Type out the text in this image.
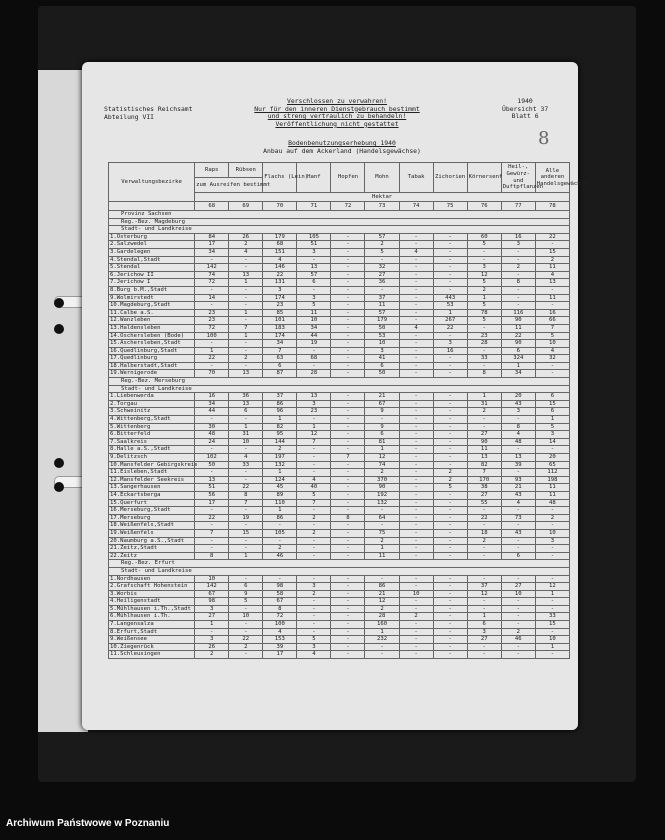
Statistisches Reichsamt
Abteilung VII
Verschlossen zu verwahren!
Nur für den inneren Dienstgebrauch bestimmt
und streng vertraulich zu behandeln!
Veröffentlichung nicht gestattet
1940
Übersicht 37
Blatt 6
8
Bodenbenutzungserhebung 1940
Anbau auf dem Ackerland (Handelsgewächse)
Verwaltungsbezirke	Raps	Rübsen	Flachs (Lein)	Hanf	Hopfen	Mohn	Tabak	Zichorien	Körnersenf	Heil-, Gewürz- und Duftpflanzen	Alle anderen Handelsgewächse
	zum Ausreifen bestimmt										
	Hektar										
	68	69	70	71	72	73	74	75	76	77	78
Provinz Sachsen											
Reg.-Bez. Magdeburg											
Stadt- und Landkreise											
1.Osterburg	84	26	179	105	-	57	-	-	60	16	22
2.Salzwedel	17	2	68	51	-	2	-	-	5	3	-
3.Gardelegen	34	4	151	3	-	5	4	-	-	-	15
4.Stendal,Stadt	-	-	4	-	-	-	-	-	-	-	2
5.Stendal	142	-	146	13	-	32	-	-	3	2	11
6.Jerichow II	74	13	22	57	-	27	-	-	12	-	4
7.Jerichow I	72	1	131	6	-	36	-	-	5	8	13
8.Burg b.M.,Stadt	-	-	3	-	-	-	-	-	2	-	-
9.Wolmirstedt	14	-	174	3	-	37	-	443	1	-	11
10.Magdeburg,Stadt	-	-	23	5	-	11	-	53	5	-	-
11.Calbe a.S.	23	1	85	11	-	57	-	1	78	116	16
12.Wanzleben	23	-	101	10	-	179	-	267	5	90	66
13.Haldensleben	72	7	183	34	-	50	4	22	-	11	7
14.Oschersleben (Bode)	100	1	174	44	-	53	-	-	23	22	5
15.Aschersleben,Stadt	-	-	34	19	-	10	-	3	28	90	10
16.Quedlinburg,Stadt	1	-	7	-	-	3	-	16	-	6	4
17.Quedlinburg	22	2	63	68	-	41	-	-	33	324	32
18.Halberstadt,Stadt	-	-	6	-	-	6	-	-	-	1	-
19.Wernigerode	70	13	87	28	-	50	-	-	8	34	-
Reg.-Bez. Merseburg											
Stadt- und Landkreise											
1.Liebenwerda	16	36	37	13	-	21	-	-	1	20	6
2.Torgau	34	13	86	3	-	67	-	-	31	43	15
3.Schweinitz	44	6	96	23	-	9	-	-	2	3	6
4.Wittenberg,Stadt	-	-	1	-	-	-	-	-	-	-	1
5.Wittenberg	30	1	82	1	-	9	-	-	-	8	5
6.Bitterfeld	48	31	95	12	-	6	-	-	27	4	3
7.Saalkreis	24	10	144	7	-	81	-	-	90	48	14
8.Halle a.S.,Stadt	-	-	2	-	-	1	-	-	11	-	-
9.Delitzsch	102	4	197	-	7	12	-	-	13	13	20
10.Mansfelder Gebirgskreis	50	33	132	-	-	74	-	-	82	39	65
11.Eisleben,Stadt	-	-	1	-	-	2	-	2	7	-	112
12.Mansfelder Seekreis	13	-	124	4	-	370	-	2	170	93	198
13.Sangerhausen	51	22	45	40	-	90	-	5	38	21	11
14.Eckartsberga	56	8	89	5	-	192	-	-	27	43	11
15.Querfurt	17	7	110	7	-	132	-	-	55	4	48
16.Merseburg,Stadt	-	-	1	-	-	-	-	-	-	-	-
17.Merseburg	22	19	86	2	8	64	-	-	22	73	2
18.Weißenfels,Stadt	-	-	-	-	-	-	-	-	-	-	-
19.Weißenfels	7	15	105	2	-	75	-	-	18	43	10
20.Naumburg a.S.,Stadt	-	-	-	-	-	2	-	-	2	-	3
21.Zeitz,Stadt	-	-	2	-	-	1	-	-	-	-	-
22.Zeitz	8	1	46	-	-	11	-	-	-	6	-
Reg.-Bez. Erfurt											
Stadt- und Landkreise											
1.Nordhausen	10	-	-	-	-	-	-	-	-	-	-
2.Grafschaft Hohenstein	142	6	98	3	-	86	-	-	37	27	12
3.Worbis	67	9	58	2	-	21	10	-	12	10	1
4.Heiligenstadt	98	5	67	-	-	12	-	-	-	-	-
5.Mühlhausen i.Th.,Stadt	3	-	8	-	-	2	-	-	-	-	-
6.Mühlhausen i.Th.	27	10	72	-	-	28	2	-	1	-	33
7.Langensalza	1	-	100	-	-	160	-	-	6	-	15
8.Erfurt,Stadt	-	-	4	-	-	1	-	-	3	2	-
9.Weißensee	3	22	153	5	-	232	-	-	27	46	10
10.Ziegenrück	26	2	39	3	-	-	-	-	-	-	1
11.Schleusingen	2	-	17	4	-	-	-	-	-	-	-
Archiwum Państwowe w Poznaniu
